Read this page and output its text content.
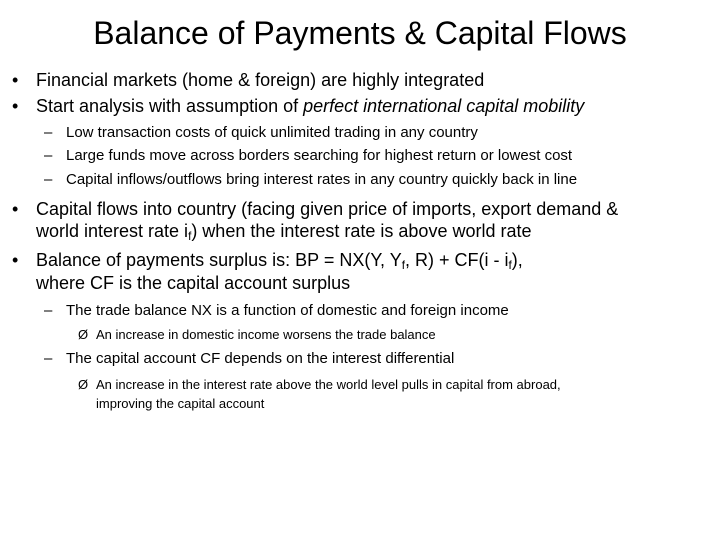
Balance of Payments & Capital Flows
• Financial markets (home & foreign) are highly integrated
• Start analysis with assumption of perfect international capital mobility
– Low transaction costs of quick unlimited trading in any country
– Large funds move across borders searching for highest return or lowest cost
– Capital inflows/outflows bring interest rates in any country quickly back in line
• Capital flows into country (facing given price of imports, export demand &
world interest rate $i_f$) when the interest rate is above world rate
• Balance of payments surplus is: BP = NX(Y, $Y_f$, $R) + CF(i - i_f)$,
where CF is the capital account surplus
– The trade balance NX is a function of domestic and foreign income
Ø An increase in domestic income worsens the trade balance
– The capital account CF depends on the interest differential
Ø An increase in the interest rate above the world level pulls in capital from abroad,
improving the capital account
